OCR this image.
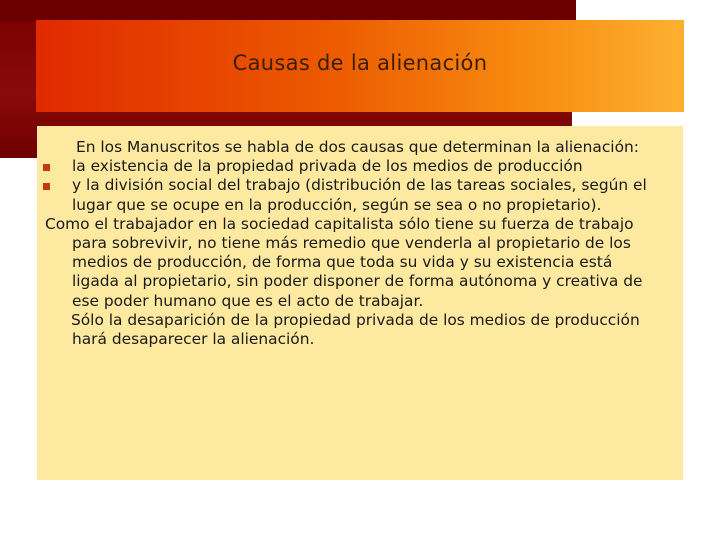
Causas de la alienación

En los Manuscritos se habla de dos causas que determinan la alienación:

la existencia de la propiedad privada de los medios de producción
y la división social del trabajo (distribución de las tareas sociales, según el lugar que se ocupe en la producción, según se sea o no propietario).

Como el trabajador en la sociedad capitalista sólo tiene su fuerza de trabajo para sobrevivir, no tiene más remedio que venderla al propietario de los medios de producción, de forma que toda su vida y su existencia está ligada al propietario, sin poder disponer de forma autónoma y creativa de ese poder humano que es el acto de trabajar.

Sólo la desaparición de la propiedad privada de los medios de producción hará desaparecer la alienación.
